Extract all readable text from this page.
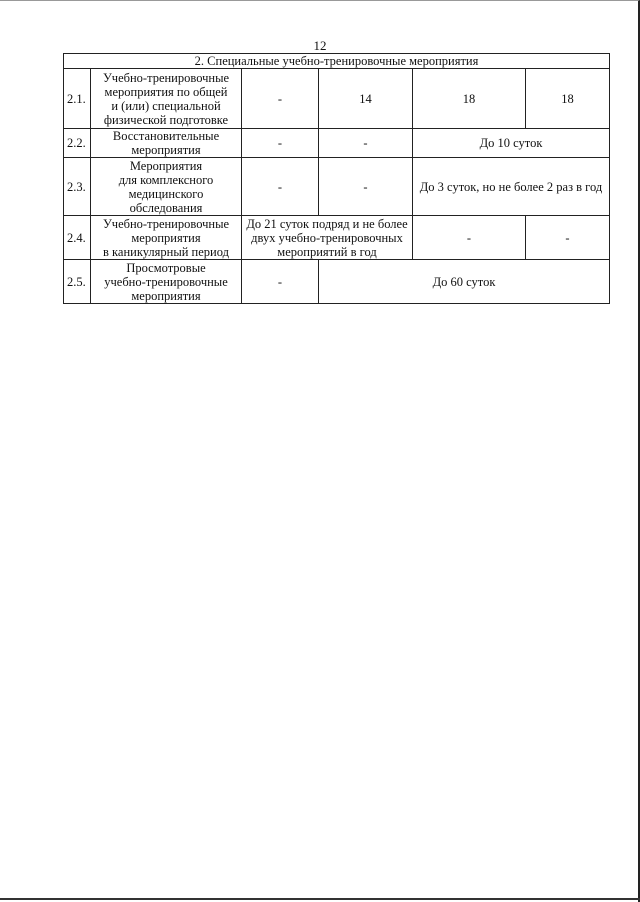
12
2. Специальные учебно-тренировочные мероприятия					
2.1.	Учебно-тренировочные
мероприятия по общей
и (или) специальной
физической подготовке	-	14	18	18
2.2.	Восстановительные
мероприятия	-	-	До 10 суток	
2.3.	Мероприятия
для комплексного
медицинского
обследования	-	-	До 3 суток, но не более 2 раз в год	
2.4.	Учебно-тренировочные
мероприятия
в каникулярный период	До 21 суток подряд и не более
двух учебно-тренировочных
мероприятий в год		-	-
2.5.	Просмотровые
учебно-тренировочные
мероприятия	-	До 60 суток		
